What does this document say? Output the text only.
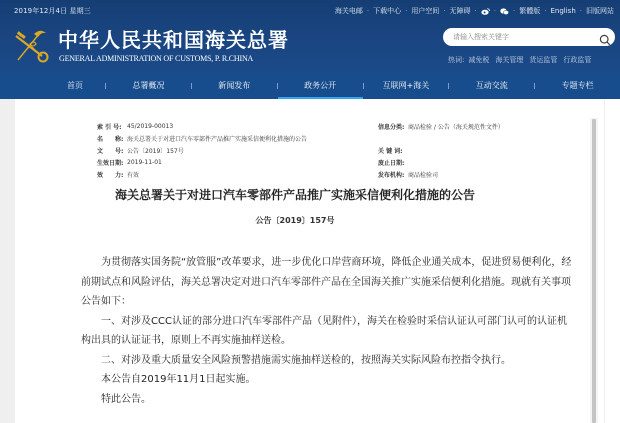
2019年12月4日 星期三	海关电邮 · 下载中心 · 用户空间 · 无障碍 · · · 繁體版 · English · 旧版网站
中华人民共和国海关总署
GENERAL ADMINISTRATION OF CUSTOMS, P. R.CHINA
请输入搜索关键字	热词: 减免税 海关管理 货运监管 行政监管
首页	总署概况	新闻发布	政务公开	互联网+海关	互动交流	专题专栏
索 引 号: 45/2019-00013
名　　称: 海关总署关于对进口汽车零部件产品推广实施采信便利化措施的公告
文　　号: 公告〔2019〕157号
生效日期: 2019-11-01
效　　力: 有效
信息分类: 商品检验 / 公告（海关规范性文件）
关 键 词:
废止日期:
发布机构: 商品检验司
海关总署关于对进口汽车零部件产品推广实施采信便利化措施的公告
公告〔2019〕157号

为贯彻落实国务院“放管服”改革要求，进一步优化口岸营商环境，降低企业通关成本，促进贸易便利化，经前期试点和风险评估，海关总署决定对进口汽车零部件产品在全国海关推广实施采信便利化措施。现就有关事项公告如下：

一、对涉及CCC认证的部分进口汽车零部件产品（见附件），海关在检验时采信认证认可部门认可的认证机构出具的认证证书，原则上不再实施抽样送检。

二、对涉及重大质量安全风险预警措施需实施抽样送检的，按照海关实际风险布控指令执行。

本公告自2019年11月1日起实施。

特此公告。
